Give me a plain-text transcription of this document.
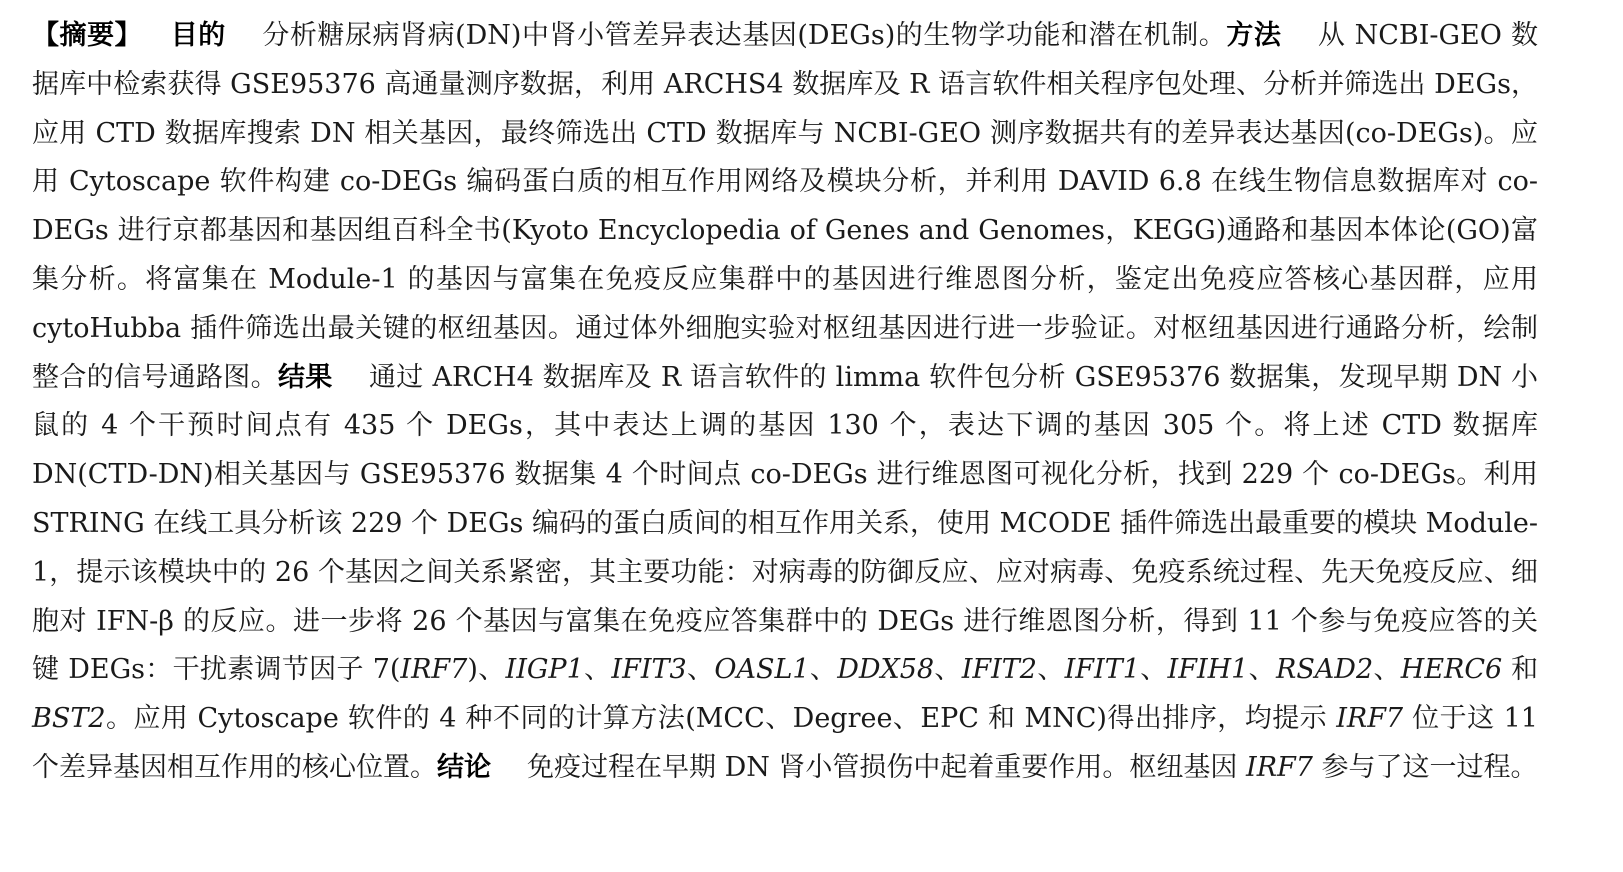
【摘要】 目的 分析糖尿病肾病(DN)中肾小管差异表达基因(DEGs)的生物学功能和潜在机制。方法 从 NCBI-GEO 数据库中检索获得 GSE95376 高通量测序数据，利用 ARCHS4 数据库及 R 语言软件相关程序包处理、分析并筛选出 DEGs，应用 CTD 数据库搜索 DN 相关基因，最终筛选出 CTD 数据库与 NCBI-GEO 测序数据共有的差异表达基因(co-DEGs)。应用 Cytoscape 软件构建 co-DEGs 编码蛋白质的相互作用网络及模块分析，并利用 DAVID 6.8 在线生物信息数据库对 co-DEGs 进行京都基因和基因组百科全书(Kyoto Encyclopedia of Genes and Genomes，KEGG)通路和基因本体论(GO)富集分析。将富集在 Module-1 的基因与富集在免疫反应集群中的基因进行维恩图分析，鉴定出免疫应答核心基因群，应用 cytoHubba 插件筛选出最关键的枢纽基因。通过体外细胞实验对枢纽基因进行进一步验证。对枢纽基因进行通路分析，绘制整合的信号通路图。结果 通过 ARCH4 数据库及 R 语言软件的 limma 软件包分析 GSE95376 数据集，发现早期 DN 小鼠的 4 个干预时间点有 435 个 DEGs，其中表达上调的基因 130 个，表达下调的基因 305 个。将上述 CTD 数据库 DN(CTD-DN)相关基因与 GSE95376 数据集 4 个时间点 co-DEGs 进行维恩图可视化分析，找到 229 个 co-DEGs。利用 STRING 在线工具分析该 229 个 DEGs 编码的蛋白质间的相互作用关系，使用 MCODE 插件筛选出最重要的模块 Module-1，提示该模块中的 26 个基因之间关系紧密，其主要功能：对病毒的防御反应、应对病毒、免疫系统过程、先天免疫反应、细胞对 IFN-β 的反应。进一步将 26 个基因与富集在免疫应答集群中的 DEGs 进行维恩图分析，得到 11 个参与免疫应答的关键 DEGs：干扰素调节因子 7(IRF7)、IIGP1、IFIT3、OASL1、DDX58、IFIT2、IFIT1、IFIH1、RSAD2、HERC6 和 BST2。应用 Cytoscape 软件的 4 种不同的计算方法(MCC、Degree、EPC 和 MNC)得出排序，均提示 IRF7 位于这 11 个差异基因相互作用的核心位置。结论 免疫过程在早期 DN 肾小管损伤中起着重要作用。枢纽基因 IRF7 参与了这一过程。
